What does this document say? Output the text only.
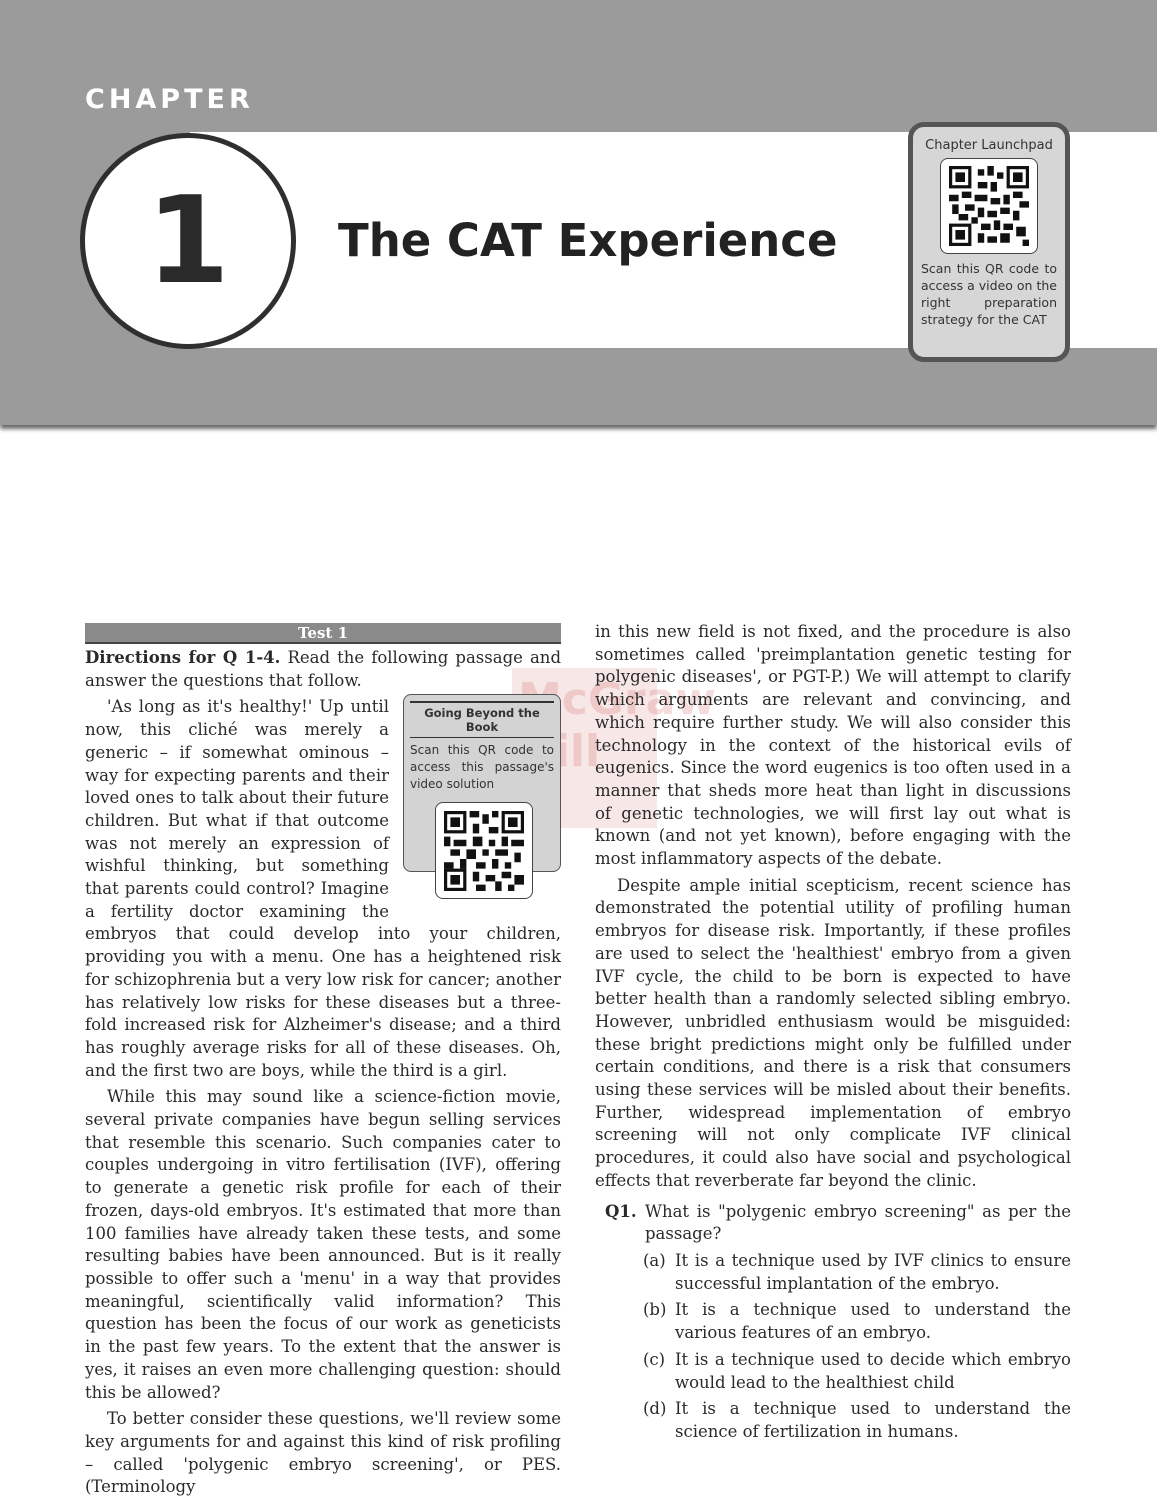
CHAPTER
1	The CAT Experience
Chapter Launchpad
Scan this QR code to access a video on the right preparation strategy for the CAT
McGraw
Test 1

Directions for Q 1-4. Read the following passage and answer the questions that follow.

Going Beyond the Book
Scan this QR code to access this passage's video solution

'As long as it's healthy!' Up until now, this cliché was merely a generic – if somewhat ominous – way for expecting parents and their loved ones to talk about their future children. But what if that outcome was not merely an expression of wishful thinking, but something that parents could control? Imagine a fertility doctor examining the embryos that could develop into your children, providing you with a menu. One has a heightened risk for schizophrenia but a very low risk for cancer; another has relatively low risks for these diseases but a three-fold increased risk for Alzheimer's disease; and a third has roughly average risks for all of these diseases. Oh, and the first two are boys, while the third is a girl.

While this may sound like a science-fiction movie, several private companies have begun selling services that resemble this scenario. Such companies cater to couples undergoing in vitro fertilisation (IVF), offering to generate a genetic risk profile for each of their frozen, days-old embryos. It's estimated that more than 100 families have already taken these tests, and some resulting babies have been announced. But is it really possible to offer such a 'menu' in a way that provides meaningful, scientifically valid information? This question has been the focus of our work as geneticists in the past few years. To the extent that the answer is yes, it raises an even more challenging question: should this be allowed?

To better consider these questions, we'll review some key arguments for and against this kind of risk profiling – called 'polygenic embryo screening', or PES. (Terminology

in this new field is not fixed, and the procedure is also sometimes called 'preimplantation genetic testing for polygenic diseases', or PGT-P.) We will attempt to clarify which arguments are relevant and convincing, and which require further study. We will also consider this technology in the context of the historical evils of eugenics. Since the word eugenics is too often used in a manner that sheds more heat than light in discussions of genetic technologies, we will first lay out what is known (and not yet known), before engaging with the most inflammatory aspects of the debate.

Despite ample initial scepticism, recent science has demonstrated the potential utility of profiling human embryos for disease risk. Importantly, if these profiles are used to select the 'healthiest' embryo from a given IVF cycle, the child to be born is expected to have better health than a randomly selected sibling embryo. However, unbridled enthusiasm would be misguided: these bright predictions might only be fulfilled under certain conditions, and there is a risk that consumers using these services will be misled about their benefits. Further, widespread implementation of embryo screening will not only complicate IVF clinical procedures, it could also have social and psychological effects that reverberate far beyond the clinic.

Q1. What is "polygenic embryo screening" as per the passage?
(a) It is a technique used by IVF clinics to ensure successful implantation of the embryo.
(b) It is a technique used to understand the various features of an embryo.
(c) It is a technique used to decide which embryo would lead to the healthiest child
(d) It is a technique used to understand the science of fertilization in humans.
